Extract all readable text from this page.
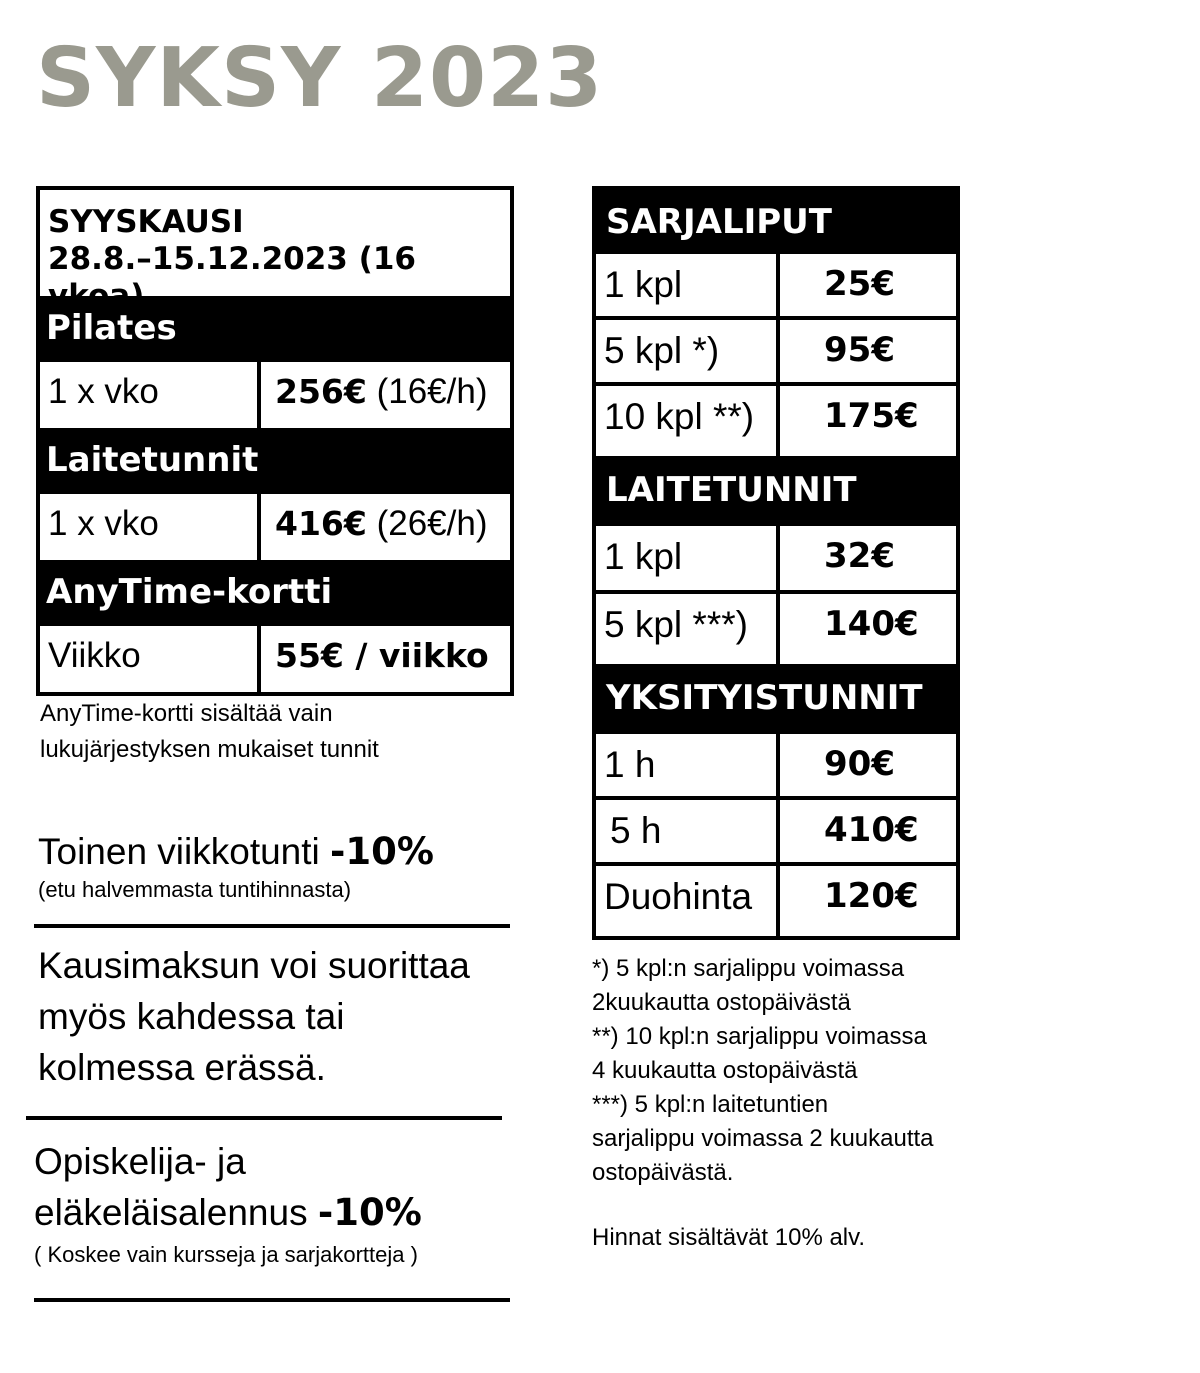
SYKSY 2023
SYYSKAUSI
28.8.–15.12.2023 (16 vkoa)
Pilates
1 x vko	256€ (16€/h)
Laitetunnit
1 x vko	416€ (26€/h)
AnyTime-kortti
Viikko	55€ / viikko
AnyTime-kortti sisältää vain
lukujärjestyksen mukaiset tunnit
Toinen viikkotunti -10%
(etu halvemmasta tuntihinnasta)
Kausimaksun voi suorittaa
myös kahdessa tai
kolmessa erässä.
Opiskelija- ja
eläkeläisalennus -10%
( Koskee vain kursseja ja sarjakortteja )
SARJALIPUT
1 kpl	25€
5 kpl *)	95€
10 kpl **)	175€
LAITETUNNIT
1 kpl	32€
5 kpl ***)	140€
YKSITYISTUNNIT
1 h	90€
5 h	410€
Duohinta	120€
*) 5 kpl:n sarjalippu voimassa
2kuukautta ostopäivästä
**) 10 kpl:n sarjalippu voimassa
4 kuukautta ostopäivästä
***) 5 kpl:n laitetuntien
sarjalippu voimassa 2 kuukautta
ostopäivästä.
Hinnat sisältävät 10% alv.
